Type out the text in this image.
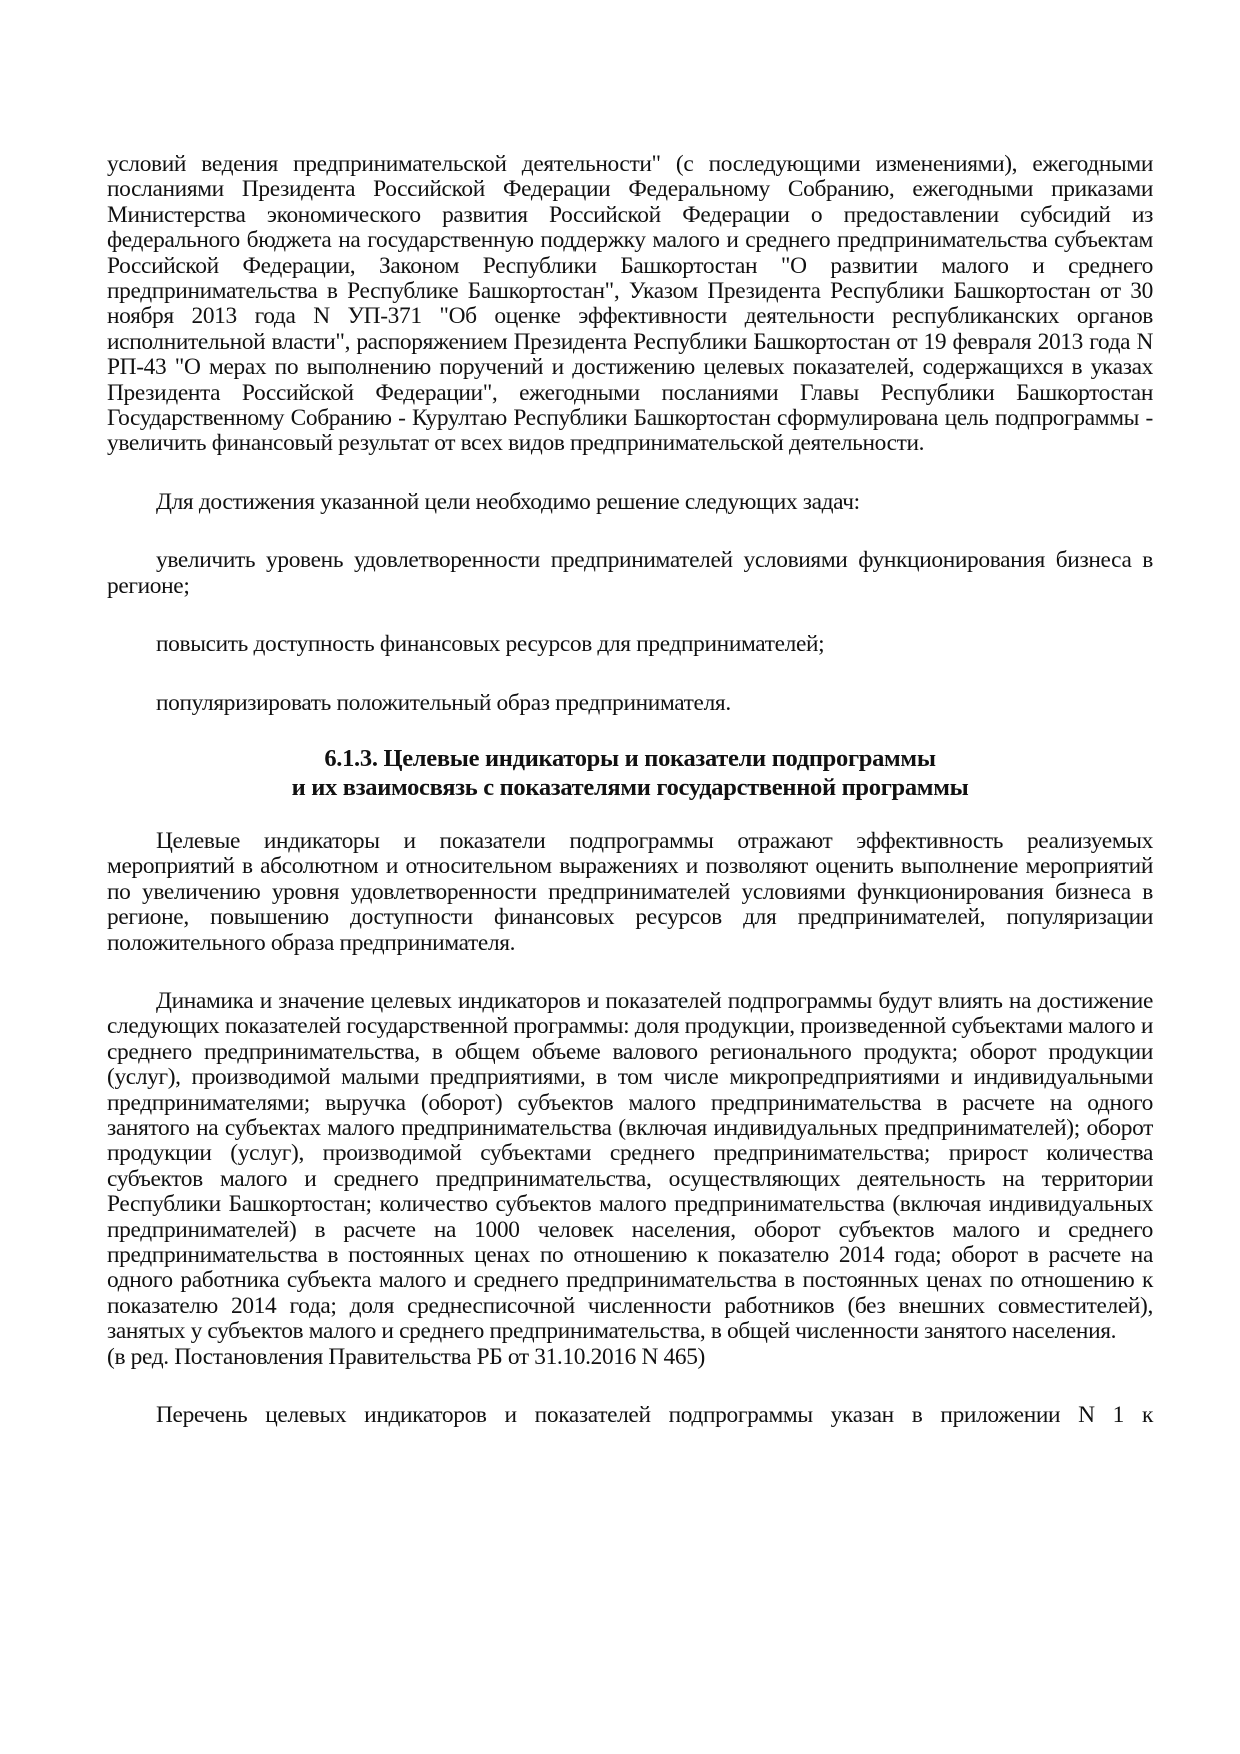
условий ведения предпринимательской деятельности" (с последующими изменениями), ежегодными посланиями Президента Российской Федерации Федеральному Собранию, ежегодными приказами Министерства экономического развития Российской Федерации о предоставлении субсидий из федерального бюджета на государственную поддержку малого и среднего предпринимательства субъектам Российской Федерации, Законом Республики Башкортостан "О развитии малого и среднего предпринимательства в Республике Башкортостан", Указом Президента Республики Башкортостан от 30 ноября 2013 года N УП-371 "Об оценке эффективности деятельности республиканских органов исполнительной власти", распоряжением Президента Республики Башкортостан от 19 февраля 2013 года N РП-43 "О мерах по выполнению поручений и достижению целевых показателей, содержащихся в указах Президента Российской Федерации", ежегодными посланиями Главы Республики Башкортостан Государственному Собранию - Курултаю Республики Башкортостан сформулирована цель подпрограммы - увеличить финансовый результат от всех видов предпринимательской деятельности.

Для достижения указанной цели необходимо решение следующих задач:

увеличить уровень удовлетворенности предпринимателей условиями функционирования бизнеса в регионе;

повысить доступность финансовых ресурсов для предпринимателей;

популяризировать положительный образ предпринимателя.

6.1.3. Целевые индикаторы и показатели подпрограммы

и их взаимосвязь с показателями государственной программы

Целевые индикаторы и показатели подпрограммы отражают эффективность реализуемых мероприятий в абсолютном и относительном выражениях и позволяют оценить выполнение мероприятий по увеличению уровня удовлетворенности предпринимателей условиями функционирования бизнеса в регионе, повышению доступности финансовых ресурсов для предпринимателей, популяризации положительного образа предпринимателя.

Динамика и значение целевых индикаторов и показателей подпрограммы будут влиять на достижение следующих показателей государственной программы: доля продукции, произведенной субъектами малого и среднего предпринимательства, в общем объеме валового регионального продукта; оборот продукции (услуг), производимой малыми предприятиями, в том числе микропредприятиями и индивидуальными предпринимателями; выручка (оборот) субъектов малого предпринимательства в расчете на одного занятого на субъектах малого предпринимательства (включая индивидуальных предпринимателей); оборот продукции (услуг), производимой субъектами среднего предпринимательства; прирост количества субъектов малого и среднего предпринимательства, осуществляющих деятельность на территории Республики Башкортостан; количество субъектов малого предпринимательства (включая индивидуальных предпринимателей) в расчете на 1000 человек населения, оборот субъектов малого и среднего предпринимательства в постоянных ценах по отношению к показателю 2014 года; оборот в расчете на одного работника субъекта малого и среднего предпринимательства в постоянных ценах по отношению к показателю 2014 года; доля среднесписочной численности работников (без внешних совместителей), занятых у субъектов малого и среднего предпринимательства, в общей численности занятого населения.

(в ред. Постановления Правительства РБ от 31.10.2016 N 465)

Перечень целевых индикаторов и показателей подпрограммы указан в приложении N 1 к
